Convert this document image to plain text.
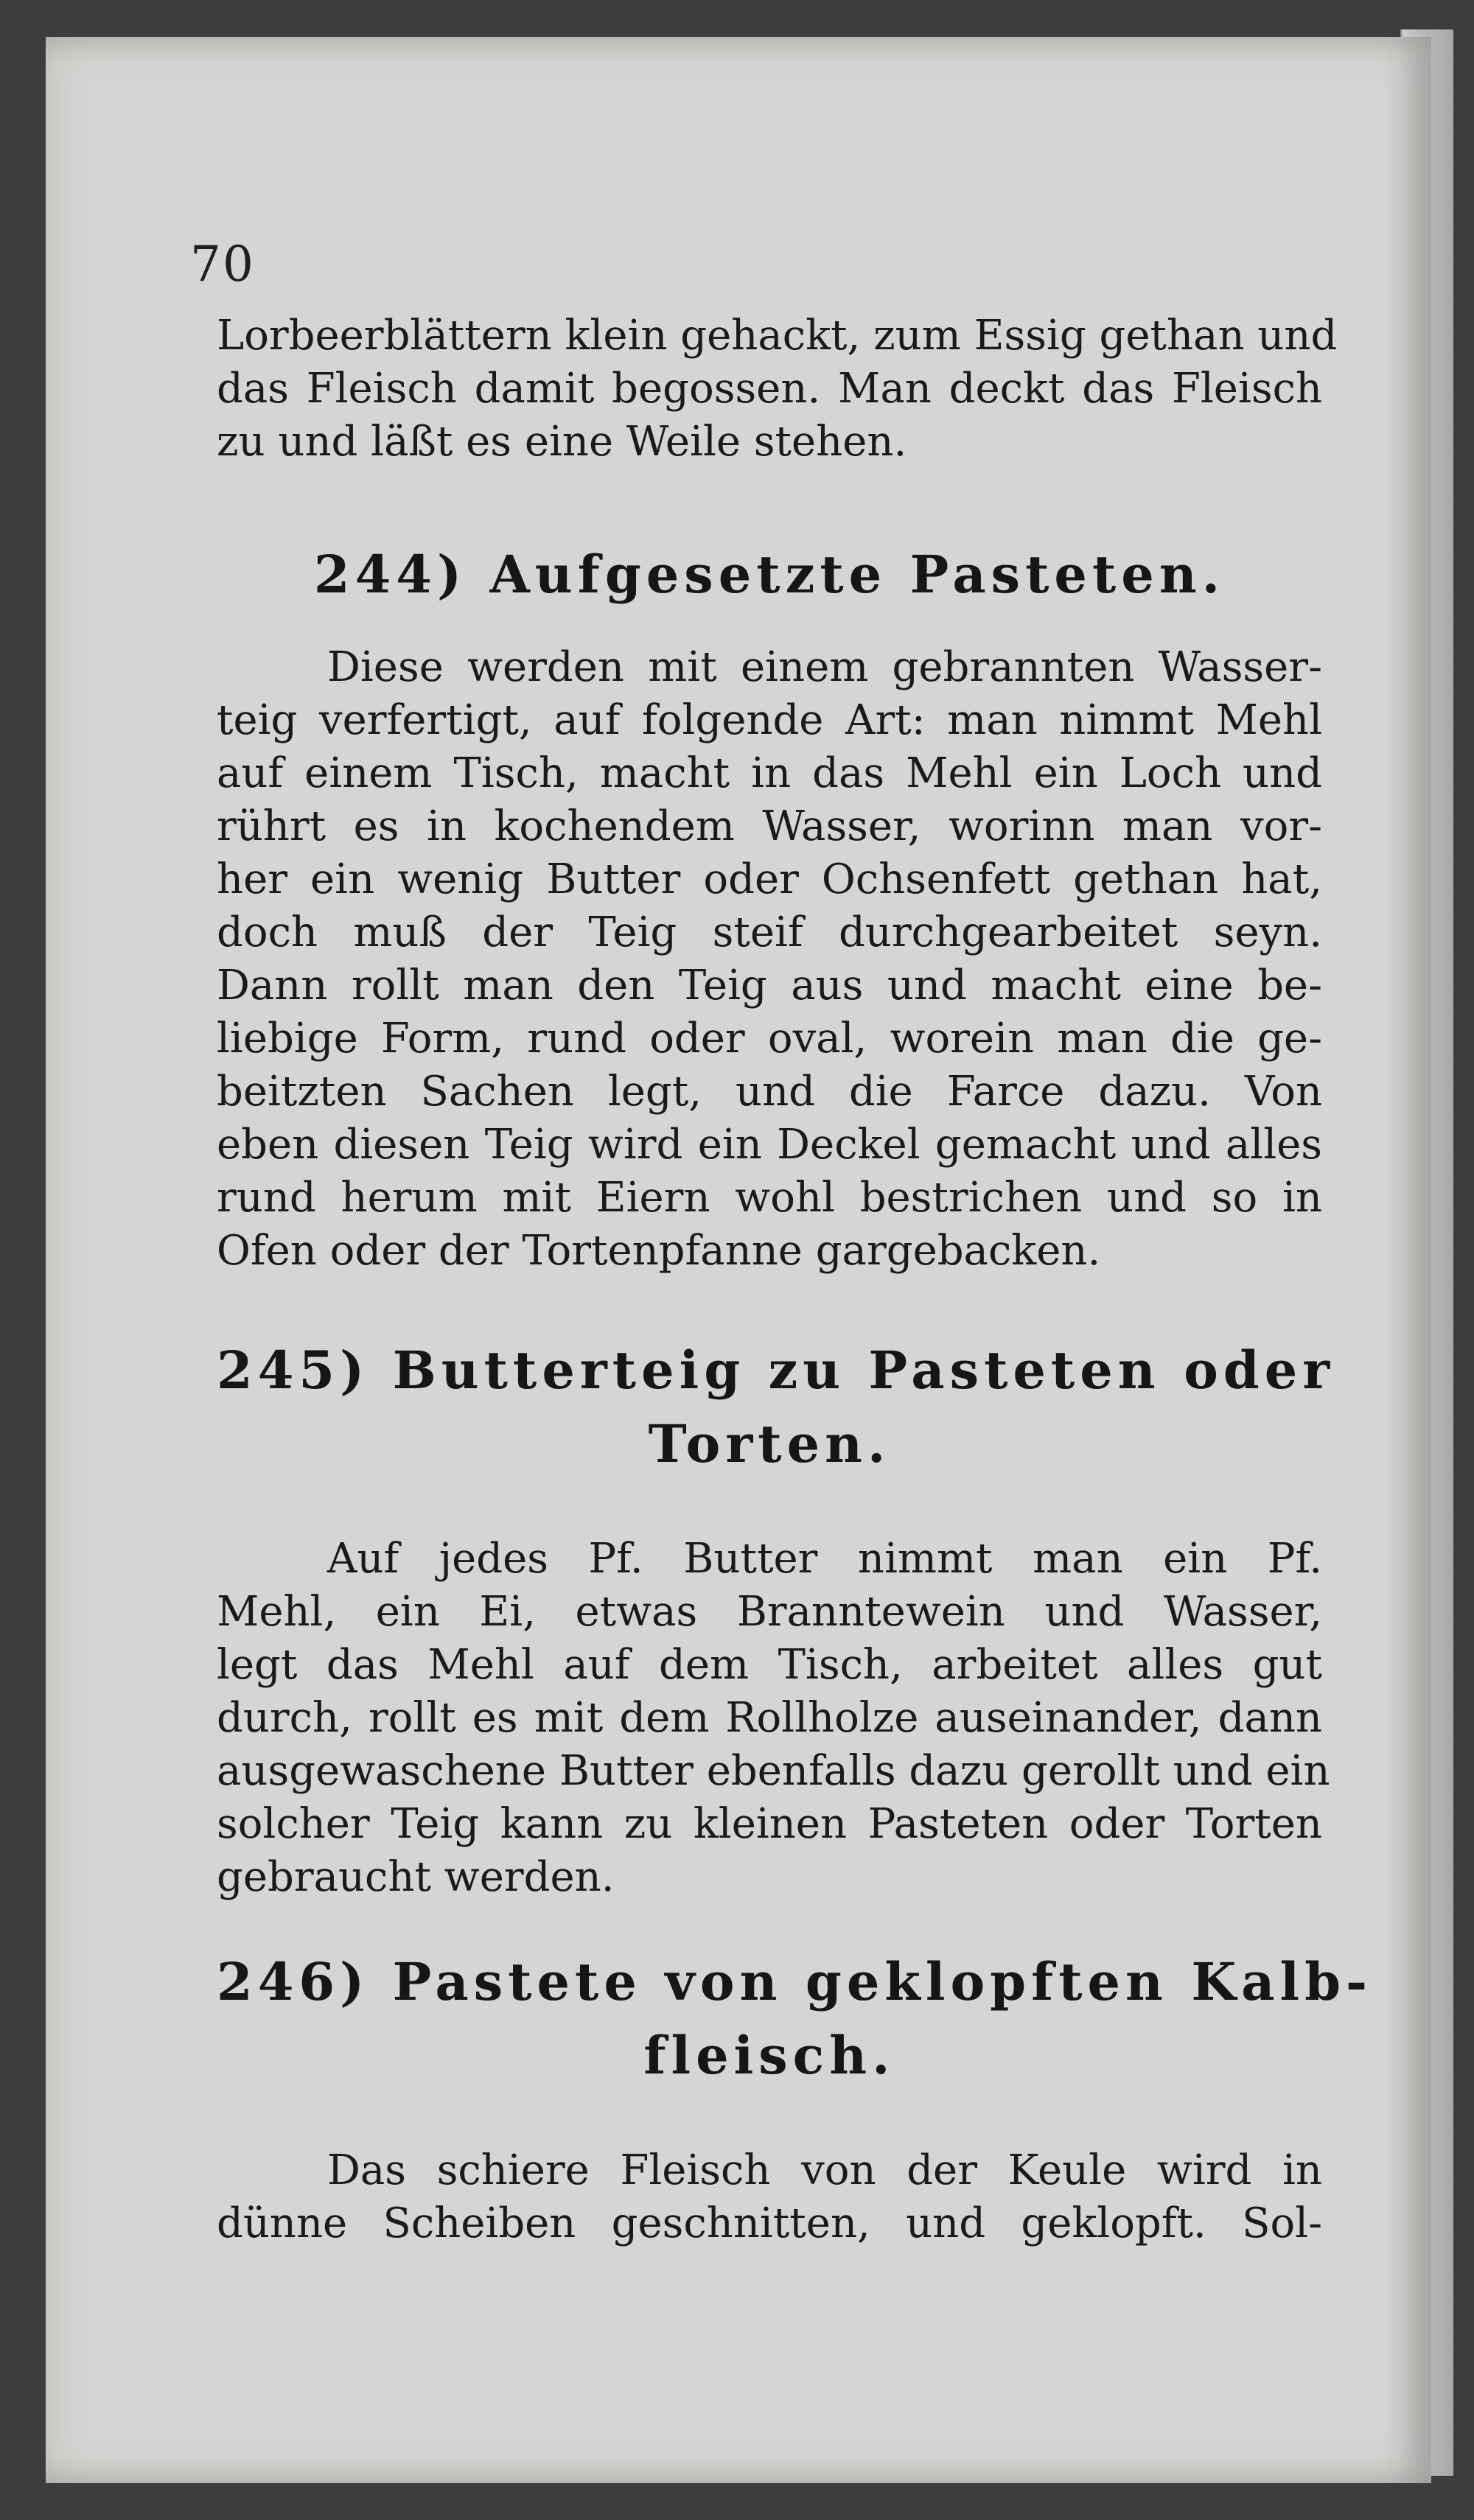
70
Lorbeerblättern klein gehackt, zum Essig gethan und
das Fleisch damit begossen. Man deckt das Fleisch
zu und läßt es eine Weile stehen.
244) Aufgesetzte Pasteten.
Diese werden mit einem gebrannten Wasser-
teig verfertigt, auf folgende Art: man nimmt Mehl
auf einem Tisch, macht in das Mehl ein Loch und
rührt es in kochendem Wasser, worinn man vor-
her ein wenig Butter oder Ochsenfett gethan hat,
doch muß der Teig steif durchgearbeitet seyn.
Dann rollt man den Teig aus und macht eine be-
liebige Form, rund oder oval, worein man die ge-
beitzten Sachen legt, und die Farce dazu. Von
eben diesen Teig wird ein Deckel gemacht und alles
rund herum mit Eiern wohl bestrichen und so in
Ofen oder der Tortenpfanne gargebacken.
245) Butterteig zu Pasteten oder
Torten.
Auf jedes Pf. Butter nimmt man ein Pf.
Mehl, ein Ei, etwas Branntewein und Wasser,
legt das Mehl auf dem Tisch, arbeitet alles gut
durch, rollt es mit dem Rollholze auseinander, dann
ausgewaschene Butter ebenfalls dazu gerollt und ein
solcher Teig kann zu kleinen Pasteten oder Torten
gebraucht werden.
246) Pastete von geklopften Kalb-
fleisch.
Das schiere Fleisch von der Keule wird in
dünne Scheiben geschnitten, und geklopft. Sol-
